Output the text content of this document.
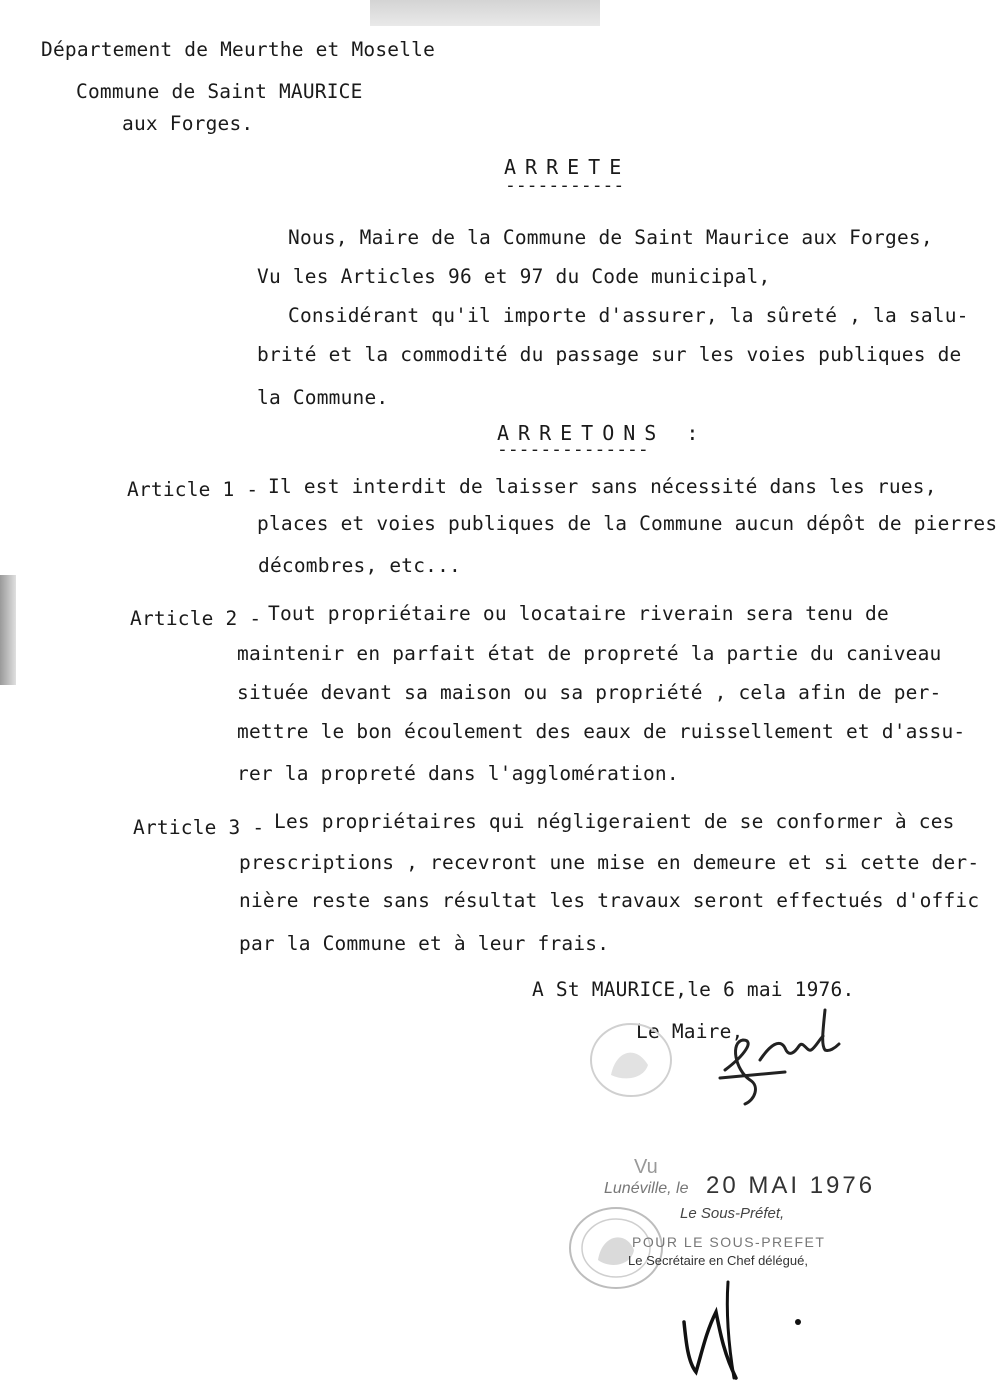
Département de Meurthe et Moselle
Commune de Saint MAURICE
aux Forges.
ARRETE
-----------
Nous, Maire de la Commune de Saint Maurice aux Forges,
Vu les Articles 96 et 97 du Code municipal,
Considérant qu'il importe d'assurer, la sûreté , la salu-
brité et la commodité du passage sur les voies publiques de
la Commune.
ARRETONS :
--------------
Article 1 - Il est interdit de laisser sans nécessité dans les rues,
places et voies publiques de la Commune aucun dépôt de pierres
décombres, etc...
Article 2 - Tout propriétaire ou locataire riverain sera tenu de
maintenir en parfait état de propreté la partie du caniveau
située devant sa maison ou sa propriété , cela afin de per-
mettre le bon écoulement des eaux de ruissellement et d'assu-
rer la propreté dans l'agglomération.
Article 3 - Les propriétaires qui négligeraient de se conformer à ces
prescriptions , recevront une mise en demeure et si cette der-
nière reste sans résultat les travaux seront effectués d'offic
par la Commune et à leur frais.
A St MAURICE,le 6 mai 1976.
Le Maire,
Vu
Lunéville, le 20 MAI 1976
Le Sous-Préfet,
POUR LE SOUS-PREFET
Le Secrétaire en Chef délégué,
